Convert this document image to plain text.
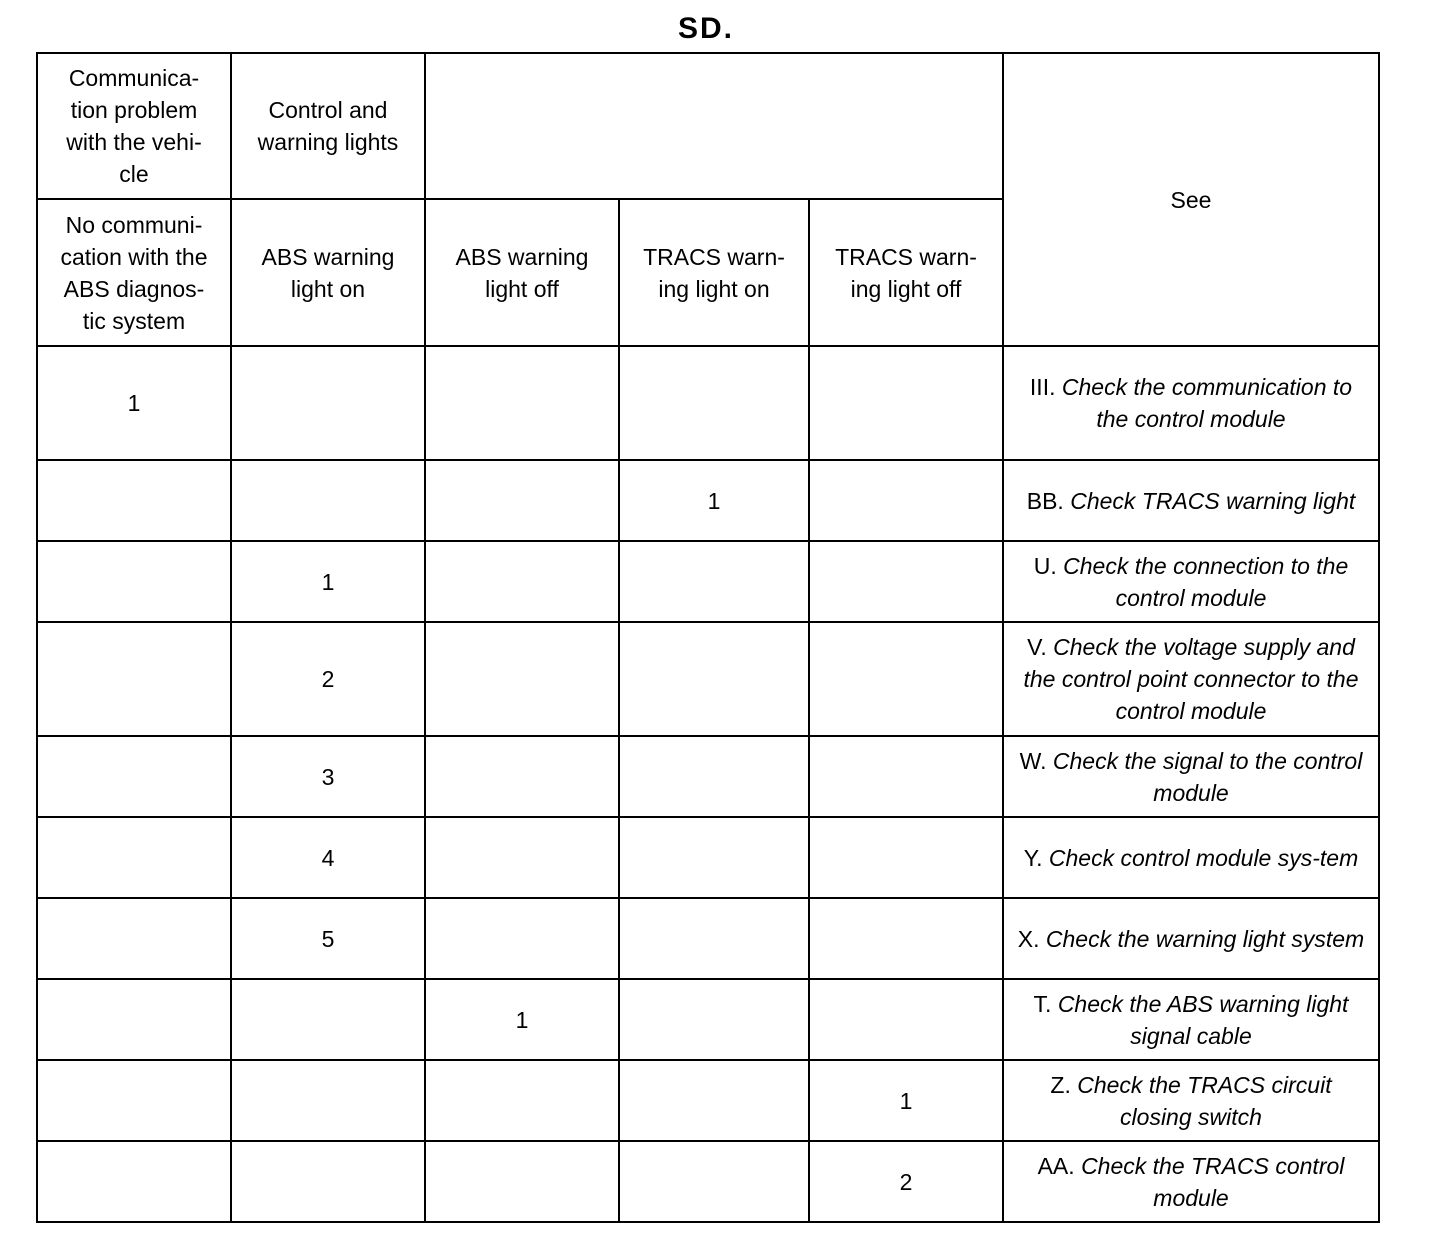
SD.
Communica-
tion problem
with the vehi-
cle	Control and
warning lights				See
No communi-
cation with the
ABS diagnos-
tic system	ABS warning
light on	ABS warning
light off	TRACS warn-
ing light on	TRACS warn-
ing light off	
1					III. Check the communication to the control module
			1		BB. Check TRACS warning light
	1				U. Check the connection to the control module
	2				V. Check the voltage supply and the control point connector to the control module
	3				W. Check the signal to the control module
	4				Y. Check control module sys-tem
	5				X. Check the warning light system
		1			T. Check the ABS warning light signal cable
				1	Z. Check the TRACS circuit closing switch
				2	AA. Check the TRACS control module
